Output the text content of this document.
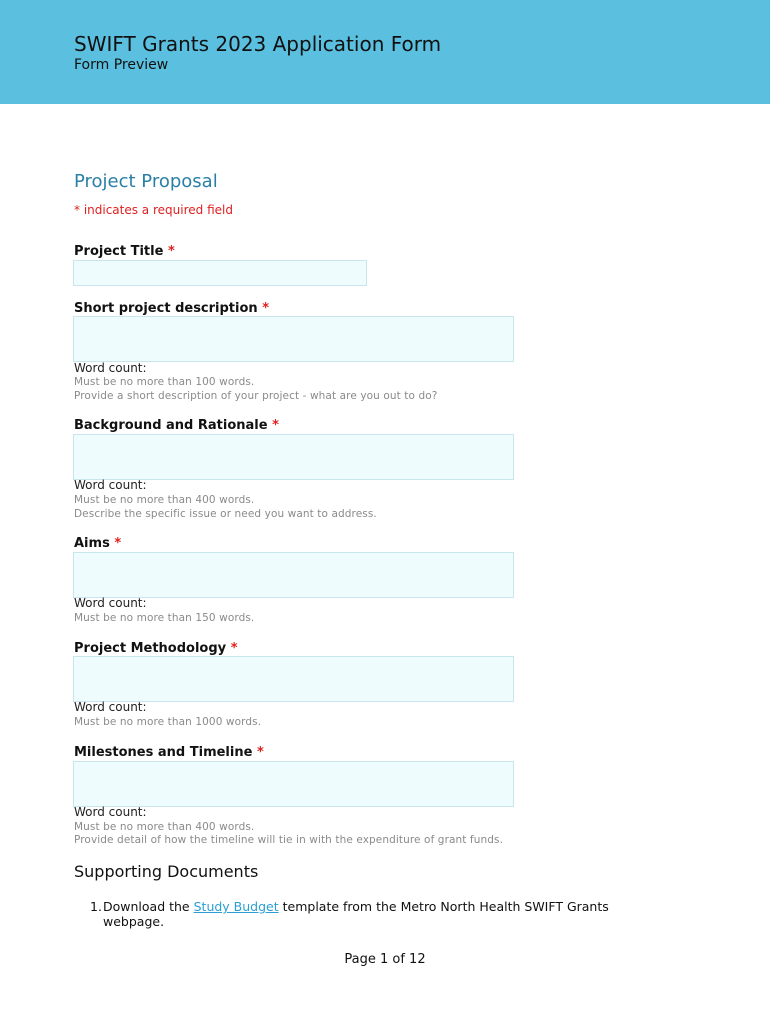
SWIFT Grants 2023 Application Form
Form Preview
Project Proposal
* indicates a required field
Project Title *
Short project description *
Word count:
Must be no more than 100 words.
Provide a short description of your project - what are you out to do?
Background and Rationale *
Word count:
Must be no more than 400 words.
Describe the specific issue or need you want to address.
Aims *
Word count:
Must be no more than 150 words.
Project Methodology *
Word count:
Must be no more than 1000 words.
Milestones and Timeline *
Word count:
Must be no more than 400 words.
Provide detail of how the timeline will tie in with the expenditure of grant funds.
Supporting Documents
1. Download the Study Budget template from the Metro North Health SWIFT Grants webpage.
Page 1 of 12
